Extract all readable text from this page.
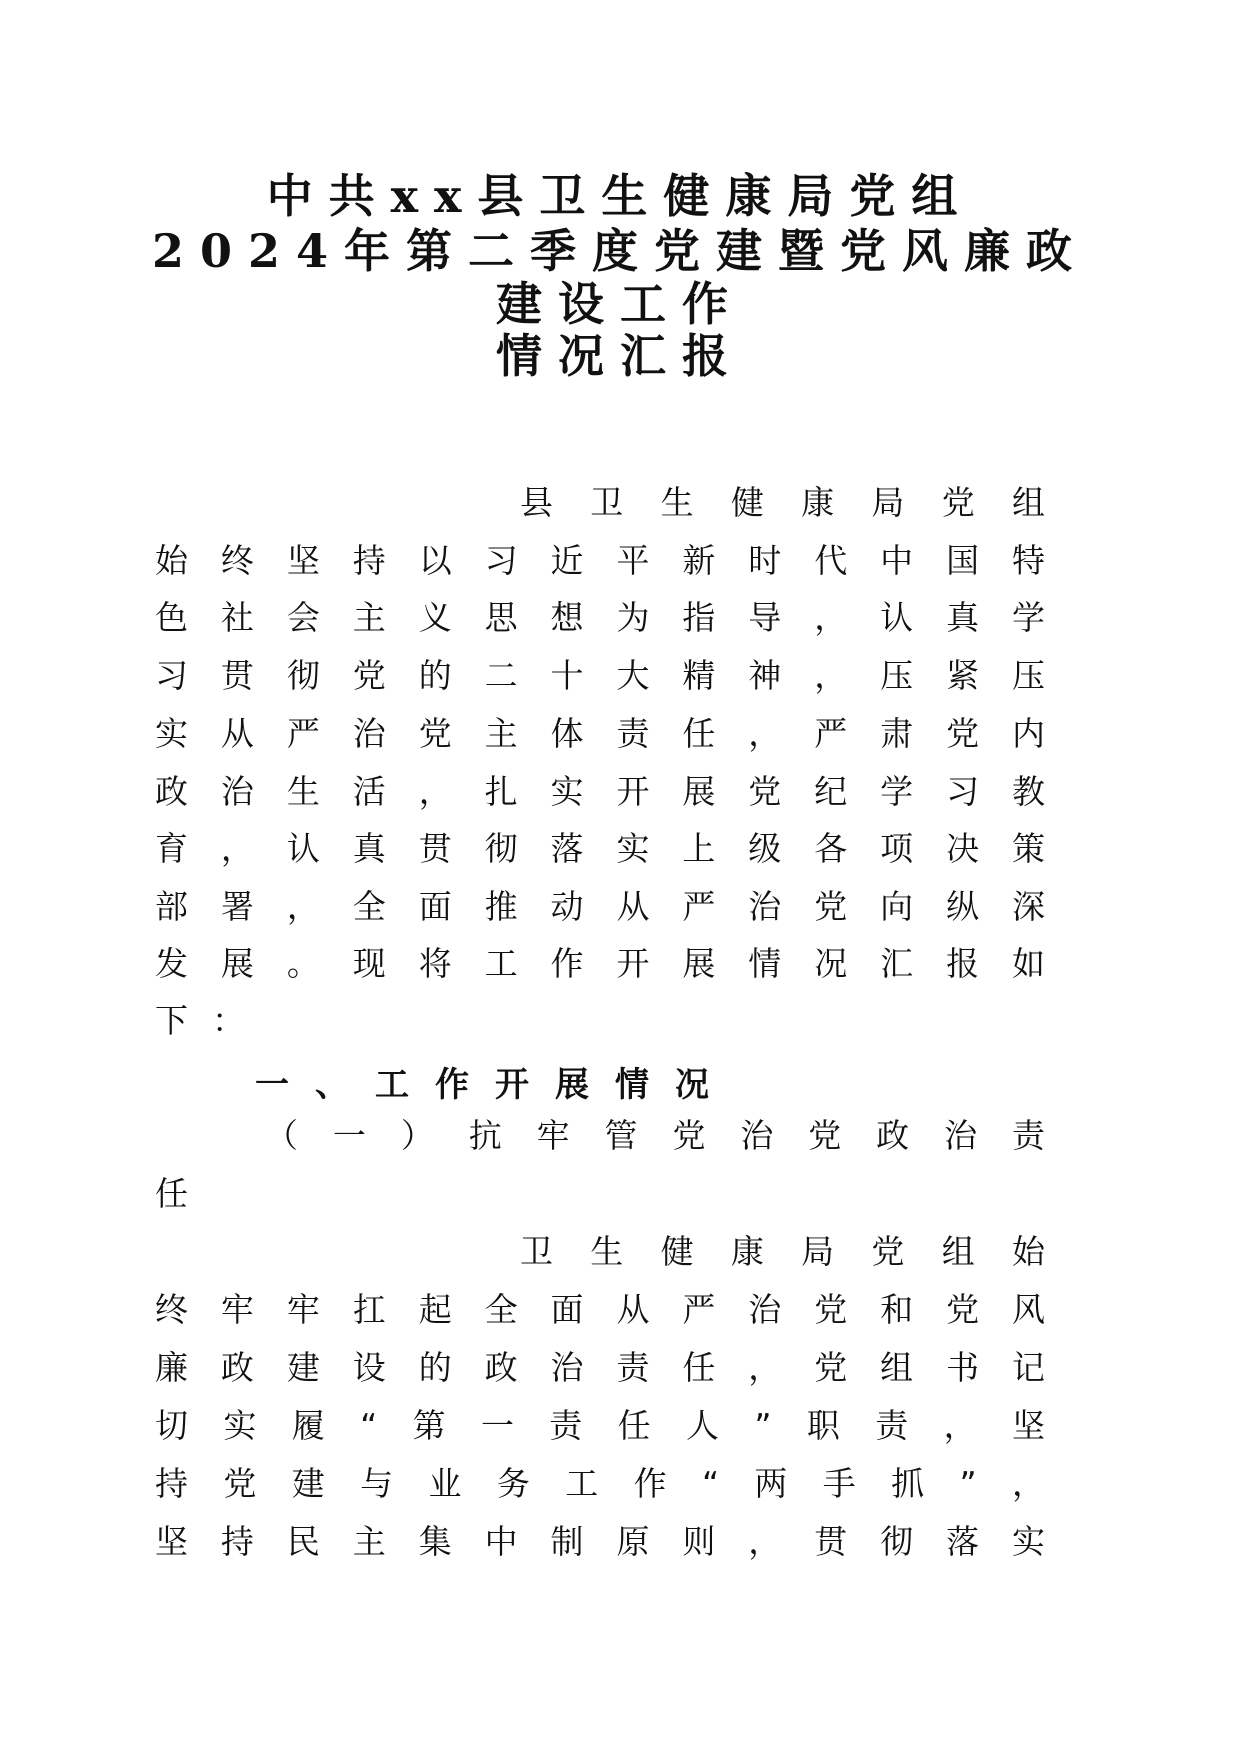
中共xx县卫生健康局党组
2024年第二季度党建暨党风廉政
建设工作
情况汇报
县卫生健康局党组
始终坚持以习近平新时代中国特
色社会主义思想为指导，认真学
习贯彻党的二十大精神，压紧压
实从严治党主体责任，严肃党内
政治生活，扎实开展党纪学习教
育，认真贯彻落实上级各项决策
部署，全面推动从严治党向纵深
发展。现将工作开展情况汇报如
下：
一、工作开展情况
（一）抗牢管党治党政治责
任
卫生健康局党组始
终牢牢扛起全面从严治党和党风
廉政建设的政治责任，党组书记
切实履“第一责任人”职责，坚
持党建与业务工作“两手抓”，
坚持民主集中制原则，贯彻落实
